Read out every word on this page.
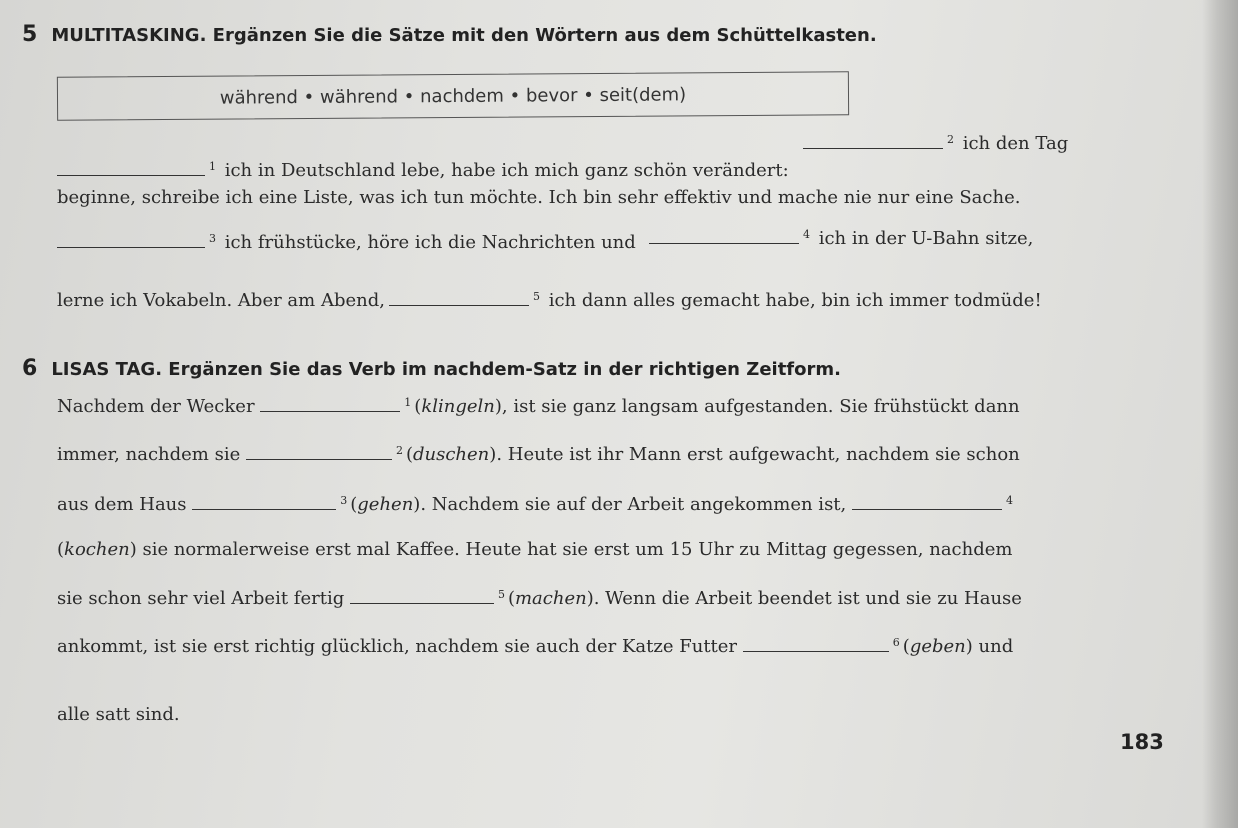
5 MULTITASKING. Ergänzen Sie die Sätze mit den Wörtern aus dem Schüttelkasten.
während • während • nachdem • bevor • seit(dem)
$^1$ ich in Deutschland lebe, habe ich mich ganz schön verändert:
$^2$ ich den Tag
beginne, schreibe ich eine Liste, was ich tun möchte. Ich bin sehr effektiv und mache nie nur eine Sache.
$^3$ ich frühstücke, höre ich die Nachrichten und	$^4$ ich in der U-Bahn sitze,
lerne ich Vokabeln. Aber am Abend,	$^5$ ich dann alles gemacht habe, bin ich immer todmüde!
6 LISAS TAG. Ergänzen Sie das Verb im nachdem-Satz in der richtigen Zeitform.
Nachdem der Wecker	$^1$ (klingeln), ist sie ganz langsam aufgestanden. Sie frühstückt dann
immer, nachdem sie	$^2$ (duschen). Heute ist ihr Mann erst aufgewacht, nachdem sie schon
aus dem Haus	$^3$ (gehen). Nachdem sie auf der Arbeit angekommen ist,	$^4$
(kochen) sie normalerweise erst mal Kaffee. Heute hat sie erst um 15 Uhr zu Mittag gegessen, nachdem
sie schon sehr viel Arbeit fertig	$^5$ (machen). Wenn die Arbeit beendet ist und sie zu Hause
ankommt, ist sie erst richtig glücklich, nachdem sie auch der Katze Futter	$^6$ (geben) und
alle satt sind.
183
